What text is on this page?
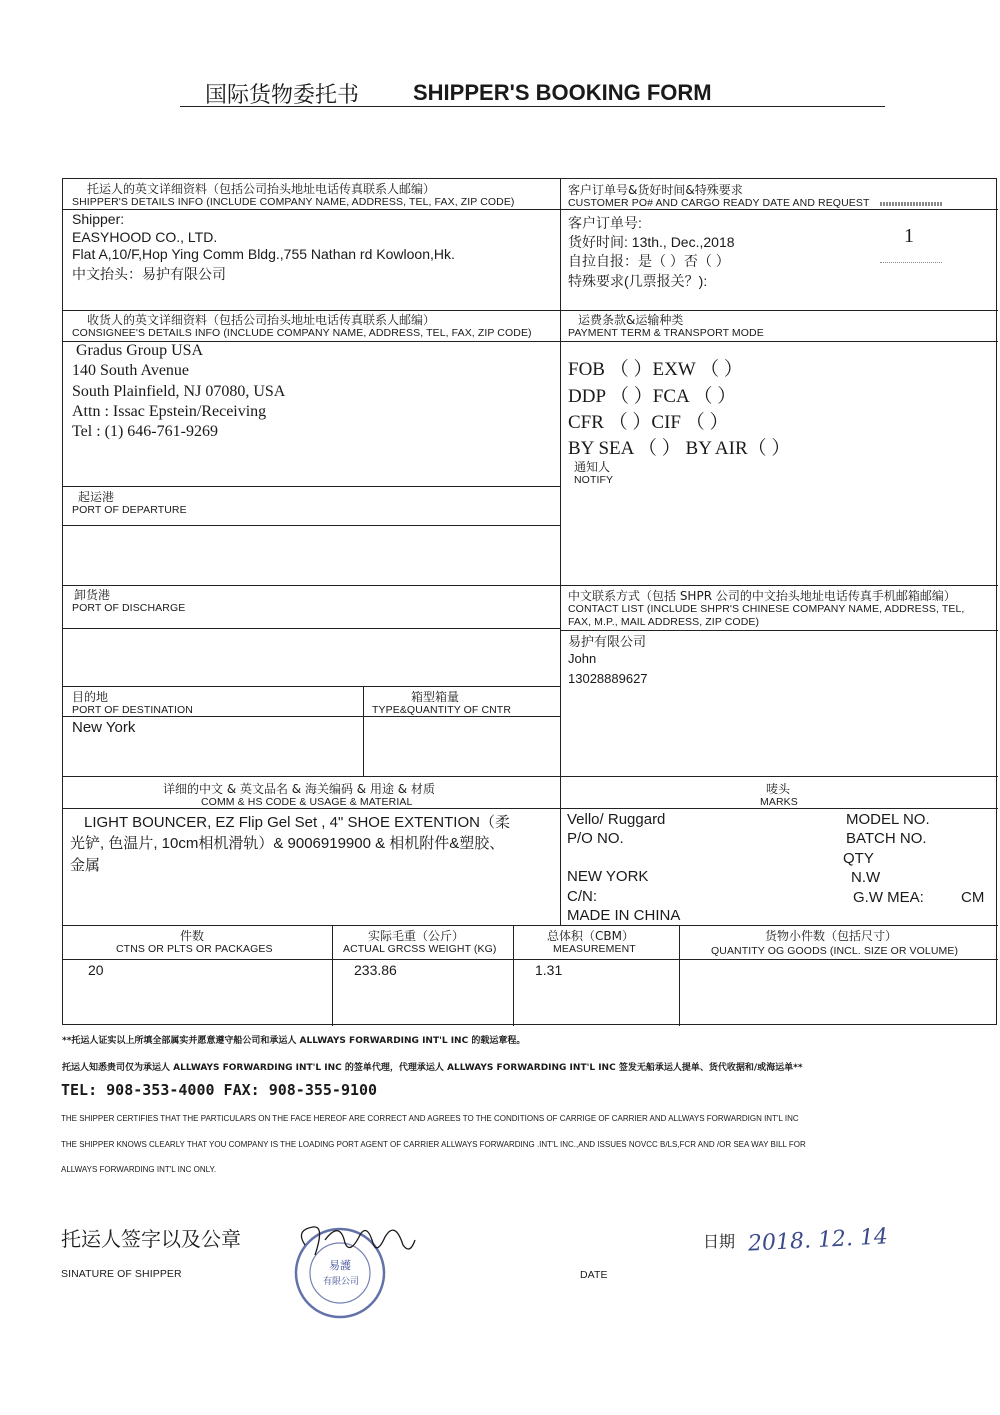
国际货物委托书 SHIPPER'S BOOKING FORM
托运人的英文详细资料（包括公司抬头地址电话传真联系人邮编）
SHIPPER'S DETAILS INFO (INCLUDE COMPANY NAME, ADDRESS, TEL, FAX, ZIP CODE)
Shipper:
EASYHOOD CO., LTD.
Flat A,10/F,Hop Ying Comm Bldg.,755 Nathan rd Kowloon,Hk.
中文抬头：易护有限公司
客户订单号&货好时间&特殊要求
CUSTOMER PO# AND CARGO READY DATE AND REQUEST
客户订单号:
货好时间: 13th., Dec.,2018
自拉自报：是（ ）否（ ）
特殊要求(几票报关？):
1
收货人的英文详细资料（包括公司抬头地址电话传真联系人邮编）
CONSIGNEE'S DETAILS INFO (INCLUDE COMPANY NAME, ADDRESS, TEL, FAX, ZIP CODE)
Gradus Group USA
140 South Avenue
South Plainfield, NJ 07080, USA
Attn : Issac Epstein/Receiving
Tel : (1) 646-761-9269
运费条款&运输种类
PAYMENT TERM & TRANSPORT MODE
FOB （ ）EXW （ ）
DDP （ ）FCA （ ）
CFR （ ）CIF （ ）
BY SEA （ ） BY AIR（ ）
通知人
NOTIFY
起运港
PORT OF DEPARTURE
卸货港
PORT OF DISCHARGE
中文联系方式（包括 SHPR 公司的中文抬头地址电话传真手机邮箱邮编）
CONTACT LIST (INCLUDE SHPR'S CHINESE COMPANY NAME, ADDRESS, TEL,
FAX, M.P., MAIL ADDRESS, ZIP CODE)
易护有限公司
John
13028889627
目的地
PORT OF DESTINATION
New York
箱型箱量
TYPE&QUANTITY OF CNTR
详细的中文 & 英文品名 & 海关编码 & 用途 & 材质
COMM & HS CODE & USAGE & MATERIAL
LIGHT BOUNCER, EZ Flip Gel Set , 4" SHOE EXTENTION（柔
光铲, 色温片, 10cm相机滑轨）& 9006919900 & 相机附件&塑胶、
金属
唛头
MARKS
Vello/ Ruggard
P/O NO.
NEW YORK
C/N:
MADE IN CHINA
MODEL NO.
BATCH NO.
QTY
N.W
G.W MEA: CM
件数
CTNS OR PLTS OR PACKAGES
20
实际毛重（公斤）
ACTUAL GRCSS WEIGHT (KG)
233.86
总体积（CBM）
MEASUREMENT
1.31
货物小件数（包括尺寸）
QUANTITY OG GOODS (INCL. SIZE OR VOLUME)
**托运人证实以上所填全部属实并愿意遵守船公司和承运人 ALLWAYS FORWARDING INT'L INC 的载运章程。
托运人知悉贵司仅为承运人 ALLWAYS FORWARDING INT'L INC 的签单代理，代理承运人 ALLWAYS FORWARDING INT'L INC 签发无船承运人提单、货代收据和/或海运单**
TEL: 908-353-4000 FAX: 908-355-9100
THE SHIPPER CERTIFIES THAT THE PARTICULARS ON THE FACE HEREOF ARE CORRECT AND AGREES TO THE CONDITIONS OF CARRIGE OF CARRIER AND ALLWAYS FORWARDIGN INT'L INC
THE SHIPPER KNOWS CLEARLY THAT YOU COMPANY IS THE LOADING PORT AGENT OF CARRIER ALLWAYS FORWARDING .INT'L INC.,AND ISSUES NOVCC B/LS,FCR AND /OR SEA WAY BILL FOR
ALLWAYS FORWARDING INT'L INC ONLY.
托运人签字以及公章
SINATURE OF SHIPPER
日期
DATE
2018. 12. 14
易護
有限公司
